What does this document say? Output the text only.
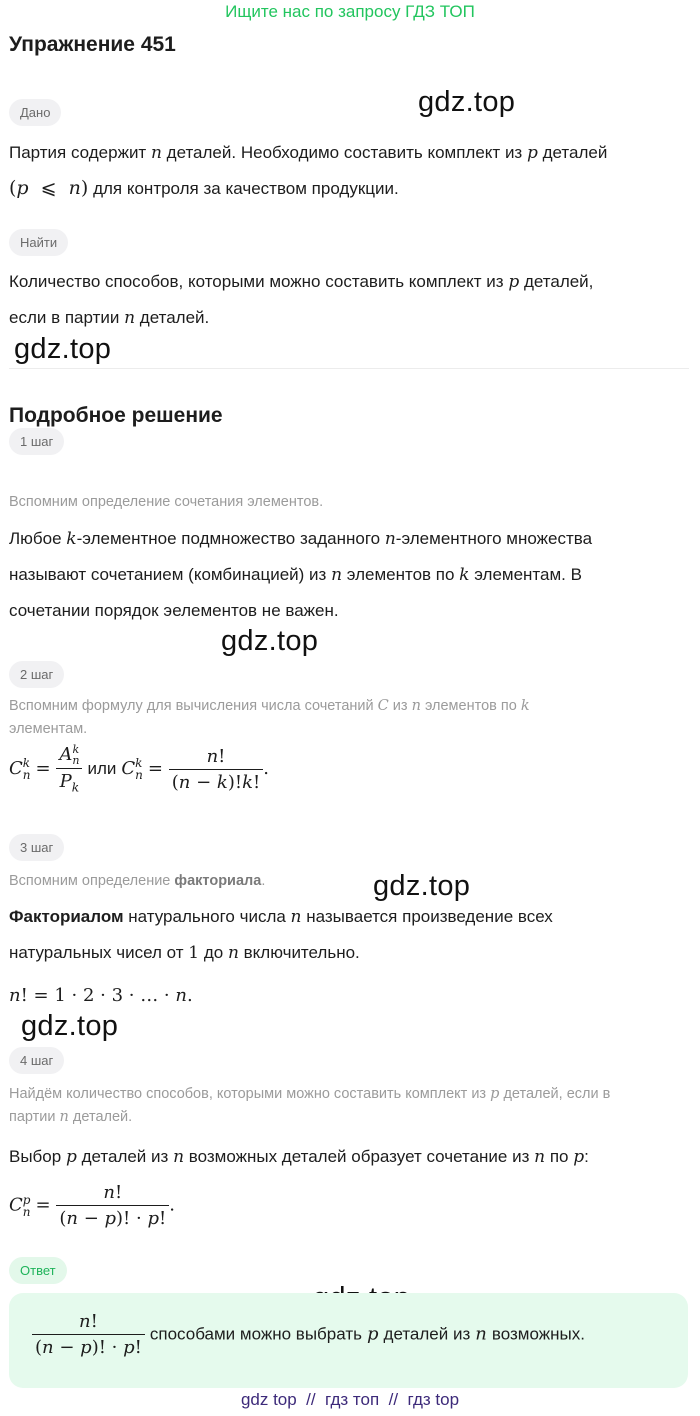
Ищите нас по запросу ГДЗ ТОП
Упражнение 451
gdz.top
gdz.top
gdz.top
gdz.top
gdz.top
Дано
Партия содержит n деталей. Необходимо составить комплект из p деталей
(p  ⩽  n) для контроля за качеством продукции.
Найти
Количество способов, которыми можно составить комплект из p деталей,
если в партии n деталей.
Подробное решение
1 шаг
Вспомним определение сочетания элементов.
Любое k-элементное подмножество заданного n-элементного множества
называют сочетанием (комбинацией) из n элементов по k элементам. В
сочетании порядок эелементов не важен.
2 шаг
Вспомним формулу для вычисления числа сочетаний C из n элементов по k
элементам.
C k
n = A k
n
$P_k$ или C k
$n = \frac{n!}{(n - k)!k!}$ .
3 шаг
Вспомним определение факториала.
Факториалом натурального числа n называется произведение всех
натуральных чисел от 1 до n включительно.
n! = 1 · 2 · 3 · … · n.
4 шаг
Найдём количество способов, которыми можно составить комплект из p деталей, если в
партии n деталей.
Выбор p деталей из n возможных деталей образует сочетание из n по p:
C p
$n = \frac{n!}{(n - p)! \cdot p!}$ .
Ответ
$\frac{n!}{(n - p)! \cdot p!}$ способами можно выбрать p деталей из n возможных.
gdz top  //  гдз топ  //  гдз top
